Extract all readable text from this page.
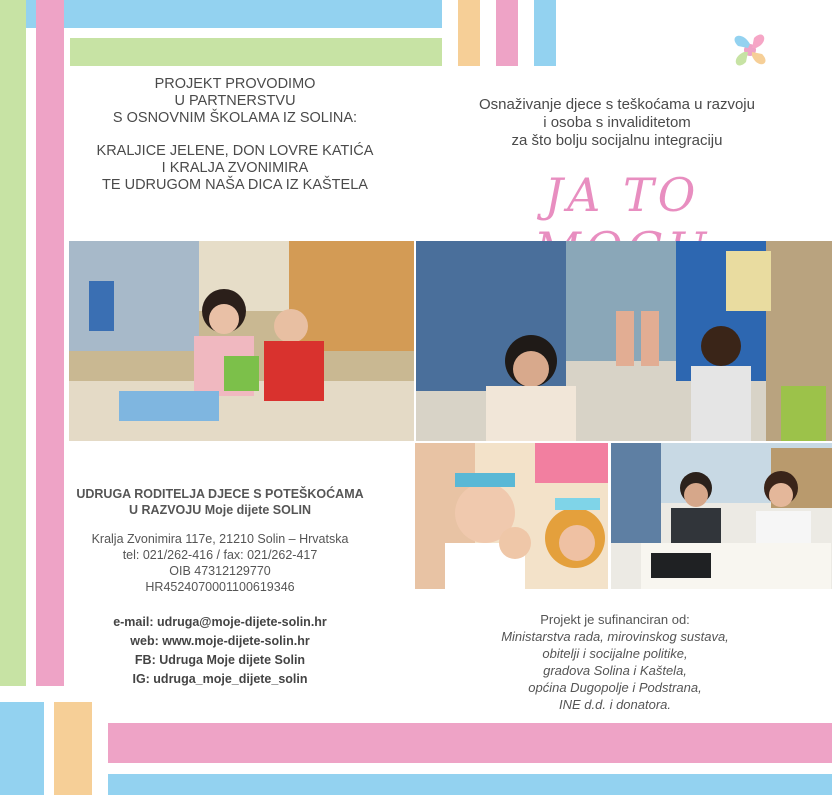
PROJEKT PROVODIMO

U PARTNERSTVU

S OSNOVNIM ŠKOLAMA IZ SOLINA:

KRALJICE JELENE, DON LOVRE KATIĆA

I KRALJA ZVONIMIRA

TE UDRUGOM NAŠA DICA IZ KAŠTELA

Osnaživanje djece s teškoćama u razvoju

i osoba s invaliditetom

za što bolju socijalnu integraciju

JA TO

UDRUGA RODITELJA DJECE S POTEŠKOĆAMA

U RAZVOJU Moje dijete SOLIN

Kralja Zvonimira 117e, 21210 Solin – Hrvatska

tel: 021/262-416 / fax: 021/262-417

OIB 47312129770

HR4524070001100619346

e-mail: udruga@moje-dijete-solin.hr

web: www.moje-dijete-solin.hr

FB: Udruga Moje dijete Solin

IG: udruga_moje_dijete_solin

Projekt je sufinanciran od:

Ministarstva rada, mirovinskog sustava,

obitelji i socijalne politike,

gradova Solina i Kaštela,

općina Dugopolje i Podstrana,

INE d.d. i donatora.
